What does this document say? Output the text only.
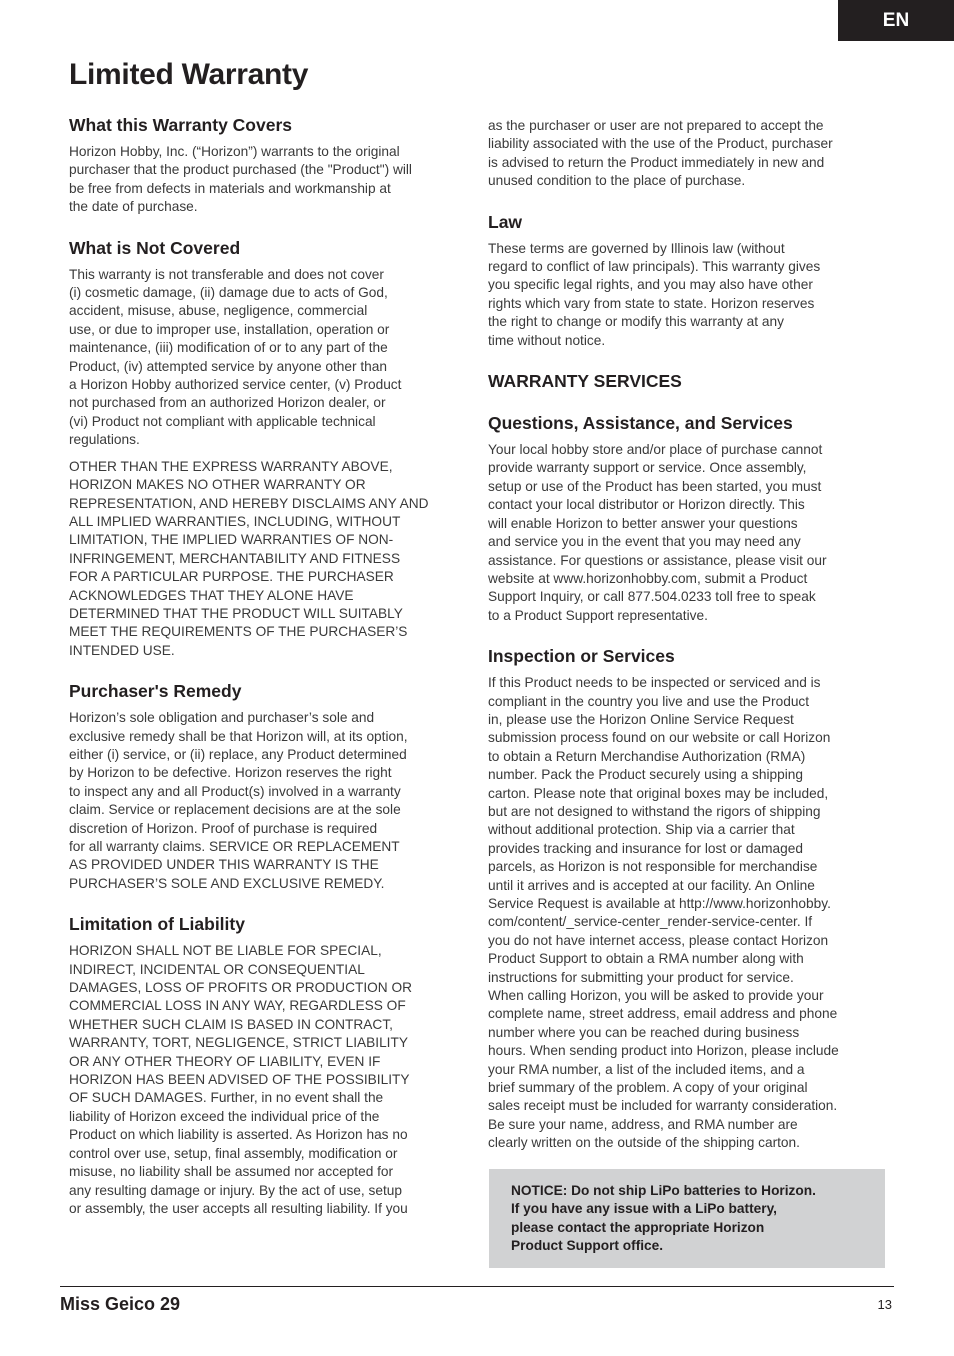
EN
Limited Warranty
What this Warranty Covers

Horizon Hobby, Inc. (“Horizon”) warrants to the original
purchaser that the product purchased (the "Product") will
be free from defects in materials and workmanship at
the date of purchase.

What is Not Covered

This warranty is not transferable and does not cover
(i) cosmetic damage, (ii) damage due to acts of God,
accident, misuse, abuse, negligence, commercial
use, or due to improper use, installation, operation or
maintenance, (iii) modification of or to any part of the
Product, (iv) attempted service by anyone other than
a Horizon Hobby authorized service center, (v) Product
not purchased from an authorized Horizon dealer, or
(vi) Product not compliant with applicable technical
regulations.

OTHER THAN THE EXPRESS WARRANTY ABOVE,
HORIZON MAKES NO OTHER WARRANTY OR
REPRESENTATION, AND HEREBY DISCLAIMS ANY AND
ALL IMPLIED WARRANTIES, INCLUDING, WITHOUT
LIMITATION, THE IMPLIED WARRANTIES OF NON-
INFRINGEMENT, MERCHANTABILITY AND FITNESS
FOR A PARTICULAR PURPOSE. THE PURCHASER
ACKNOWLEDGES THAT THEY ALONE HAVE
DETERMINED THAT THE PRODUCT WILL SUITABLY
MEET THE REQUIREMENTS OF THE PURCHASER’S
INTENDED USE.

Purchaser's Remedy

Horizon’s sole obligation and purchaser’s sole and
exclusive remedy shall be that Horizon will, at its option,
either (i) service, or (ii) replace, any Product determined
by Horizon to be defective. Horizon reserves the right
to inspect any and all Product(s) involved in a warranty
claim. Service or replacement decisions are at the sole
discretion of Horizon. Proof of purchase is required
for all warranty claims. SERVICE OR REPLACEMENT
AS PROVIDED UNDER THIS WARRANTY IS THE
PURCHASER’S SOLE AND EXCLUSIVE REMEDY.

Limitation of Liability

HORIZON SHALL NOT BE LIABLE FOR SPECIAL,
INDIRECT, INCIDENTAL OR CONSEQUENTIAL
DAMAGES, LOSS OF PROFITS OR PRODUCTION OR
COMMERCIAL LOSS IN ANY WAY, REGARDLESS OF
WHETHER SUCH CLAIM IS BASED IN CONTRACT,
WARRANTY, TORT, NEGLIGENCE, STRICT LIABILITY
OR ANY OTHER THEORY OF LIABILITY, EVEN IF
HORIZON HAS BEEN ADVISED OF THE POSSIBILITY
OF SUCH DAMAGES. Further, in no event shall the
liability of Horizon exceed the individual price of the
Product on which liability is asserted. As Horizon has no
control over use, setup, final assembly, modification or
misuse, no liability shall be assumed nor accepted for
any resulting damage or injury. By the act of use, setup
or assembly, the user accepts all resulting liability. If you

as the purchaser or user are not prepared to accept the
liability associated with the use of the Product, purchaser
is advised to return the Product immediately in new and
unused condition to the place of purchase.

Law

These terms are governed by Illinois law (without
regard to conflict of law principals). This warranty gives
you specific legal rights, and you may also have other
rights which vary from state to state. Horizon reserves
the right to change or modify this warranty at any
time without notice.

WARRANTY SERVICES
Questions, Assistance, and Services

Your local hobby store and/or place of purchase cannot
provide warranty support or service. Once assembly,
setup or use of the Product has been started, you must
contact your local distributor or Horizon directly. This
will enable Horizon to better answer your questions
and service you in the event that you may need any
assistance. For questions or assistance, please visit our
website at www.horizonhobby.com, submit a Product
Support Inquiry, or call 877.504.0233 toll free to speak
to a Product Support representative.

Inspection or Services

If this Product needs to be inspected or serviced and is
compliant in the country you live and use the Product
in, please use the Horizon Online Service Request
submission process found on our website or call Horizon
to obtain a Return Merchandise Authorization (RMA)
number. Pack the Product securely using a shipping
carton. Please note that original boxes may be included,
but are not designed to withstand the rigors of shipping
without additional protection. Ship via a carrier that
provides tracking and insurance for lost or damaged
parcels, as Horizon is not responsible for merchandise
until it arrives and is accepted at our facility. An Online
Service Request is available at http://www.horizonhobby.
com/content/_service-center_render-service-center. If
you do not have internet access, please contact Horizon
Product Support to obtain a RMA number along with
instructions for submitting your product for service.
When calling Horizon, you will be asked to provide your
complete name, street address, email address and phone
number where you can be reached during business
hours. When sending product into Horizon, please include
your RMA number, a list of the included items, and a
brief summary of the problem. A copy of your original
sales receipt must be included for warranty consideration.
Be sure your name, address, and RMA number are
clearly written on the outside of the shipping carton.

NOTICE: Do not ship LiPo batteries to Horizon.
If you have any issue with a LiPo battery,
please contact the appropriate Horizon
Product Support office.
Miss Geico 29	13
